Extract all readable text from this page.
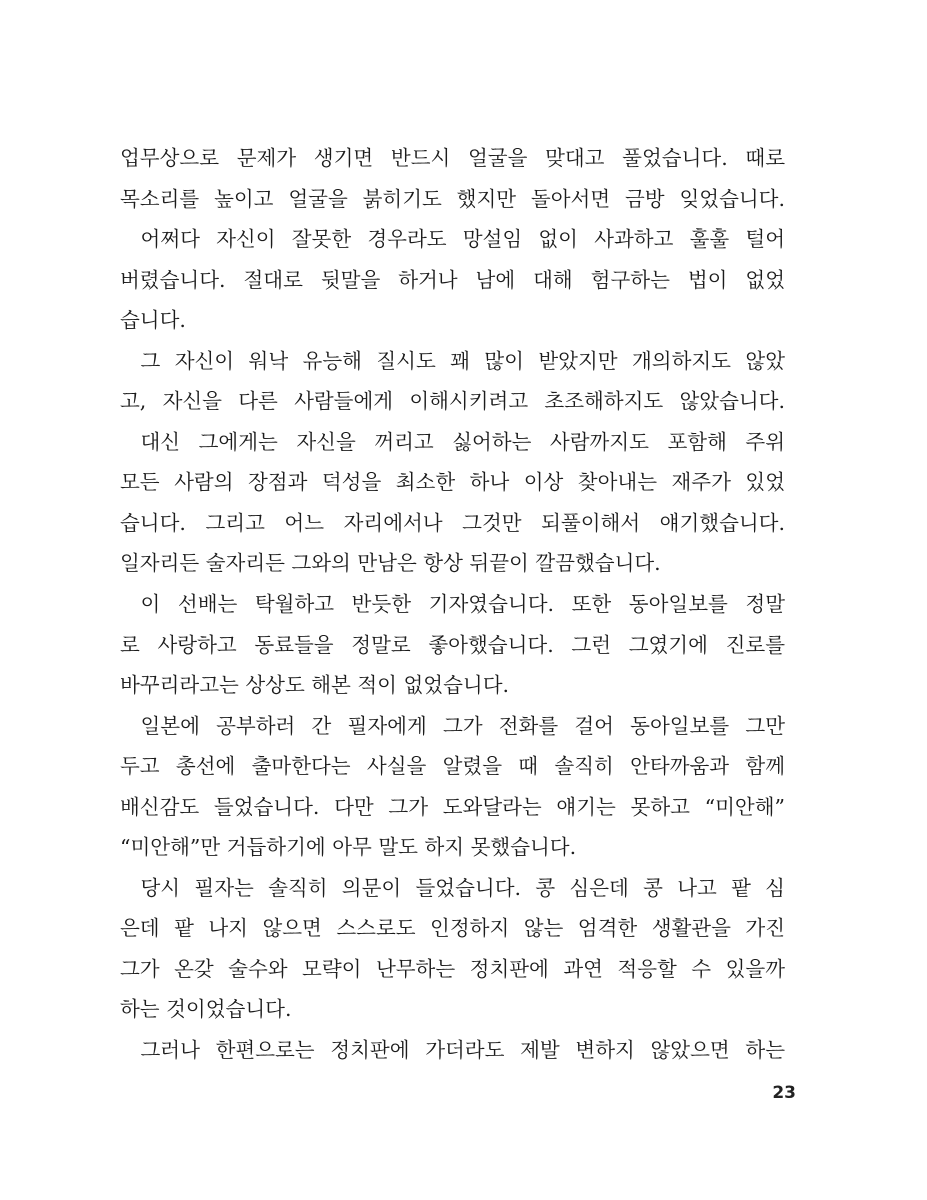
업무상으로 문제가 생기면 반드시 얼굴을 맞대고 풀었습니다. 때로
목소리를 높이고 얼굴을 붉히기도 했지만 돌아서면 금방 잊었습니다.
어쩌다 자신이 잘못한 경우라도 망설임 없이 사과하고 훌훌 털어
버렸습니다. 절대로 뒷말을 하거나 남에 대해 험구하는 법이 없었
습니다.
그 자신이 워낙 유능해 질시도 꽤 많이 받았지만 개의하지도 않았
고, 자신을 다른 사람들에게 이해시키려고 초조해하지도 않았습니다.
대신 그에게는 자신을 꺼리고 싫어하는 사람까지도 포함해 주위
모든 사람의 장점과 덕성을 최소한 하나 이상 찾아내는 재주가 있었
습니다. 그리고 어느 자리에서나 그것만 되풀이해서 얘기했습니다.
일자리든 술자리든 그와의 만남은 항상 뒤끝이 깔끔했습니다.
이 선배는 탁월하고 반듯한 기자였습니다. 또한 동아일보를 정말
로 사랑하고 동료들을 정말로 좋아했습니다. 그런 그였기에 진로를
바꾸리라고는 상상도 해본 적이 없었습니다.
일본에 공부하러 간 필자에게 그가 전화를 걸어 동아일보를 그만
두고 총선에 출마한다는 사실을 알렸을 때 솔직히 안타까움과 함께
배신감도 들었습니다. 다만 그가 도와달라는 얘기는 못하고 “미안해”
“미안해”만 거듭하기에 아무 말도 하지 못했습니다.
당시 필자는 솔직히 의문이 들었습니다. 콩 심은데 콩 나고 팥 심
은데 팥 나지 않으면 스스로도 인정하지 않는 엄격한 생활관을 가진
그가 온갖 술수와 모략이 난무하는 정치판에 과연 적응할 수 있을까
하는 것이었습니다.
그러나 한편으로는 정치판에 가더라도 제발 변하지 않았으면 하는
23
